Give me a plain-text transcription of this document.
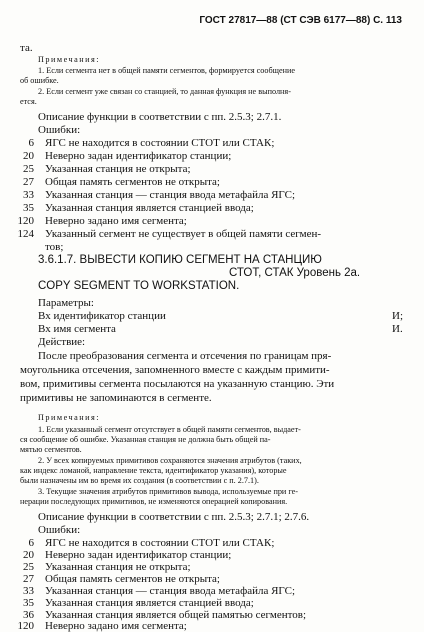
ГОСТ 27817—88 (СТ СЭВ 6177—88) С. 113
та.
Примечания:
1. Если сегмента нет в общей памяти сегментов, формируется сообщение
об ошибке.
2. Если сегмент уже связан со станцией, то данная функция не выполня-
ется.
Описание функции в соответствии с пп. 2.5.3; 2.7.1.
Ошибки:
6 ЯГС не находится в состоянии СТОТ или СТАК;
20 Неверно задан идентификатор станции;
25 Указанная станция не открыта;
27 Общая память сегментов не открыта;
33 Указанная станция — станция ввода метафайла ЯГС;
35 Указанная станция является станцией ввода;
120 Неверно задано имя сегмента;
124 Указанный сегмент не существует в общей памяти сегмен-
тов;
3.6.1.7. ВЫВЕСТИ КОПИЮ СЕГМЕНТ НА СТАНЦИЮ
СТОТ, СТАК Уровень 2а.
COPY SEGMENT TO WORKSTATION.
Параметры:
Вх идентификатор станции	И;
Вх имя сегмента	И.
Действие:
После преобразования сегмента и отсечения по границам пря-
моугольника отсечения, запомненного вместе с каждым примити-
вом, примитивы сегмента посылаются на указанную станцию. Эти
примитивы не запоминаются в сегменте.
Примечания:
1. Если указанный сегмент отсутствует в общей памяти сегментов, выдает-
ся сообщение об ошибке. Указанная станция не должна быть общей па-
мятью сегментов.
2. У всех копируемых примитивов сохраняются значения атрибутов (таких,
как индекс ломаной, направление текста, идентификатор указания), которые
были назначены им во время их создания (в соответствии с п. 2.7.1).
3. Текущие значения атрибутов примитивов вывода, используемые при ге-
нерации последующих примитивов, не изменяются операцией копирования.
Описание функции в соответствии с пп. 2.5.3; 2.7.1; 2.7.6.
Ошибки:
6 ЯГС не находится в состоянии СТОТ или СТАК;
20 Неверно задан идентификатор станции;
25 Указанная станция не открыта;
27 Общая память сегментов не открыта;
33 Указанная станция — станция ввода метафайла ЯГС;
35 Указанная станция является станцией ввода;
36 Указанная станция является общей памятью сегментов;
120 Неверно задано имя сегмента;
